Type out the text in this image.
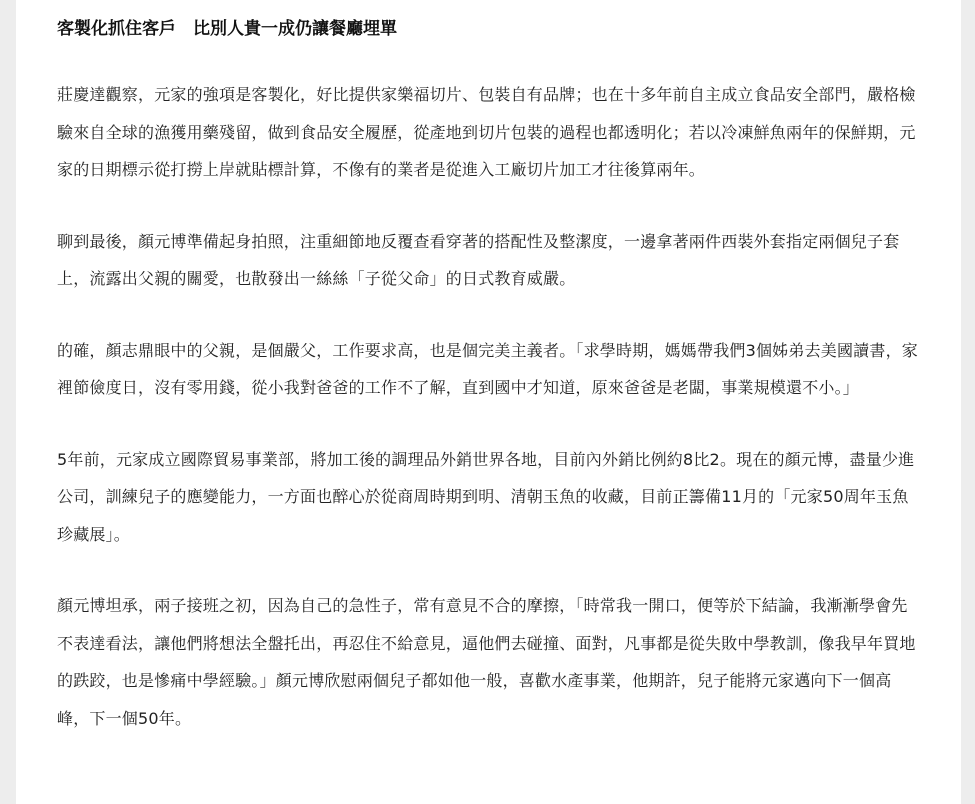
客製化抓住客戶　比別人貴一成仍讓餐廳埋單

莊慶達觀察，元家的強項是客製化，好比提供家樂福切片、包裝自有品牌；也在十多年前自主成立食品安全部門，嚴格檢驗來自全球的漁獲用藥殘留，做到食品安全履歷，從產地到切片包裝的過程也都透明化；若以冷凍鮮魚兩年的保鮮期，元家的日期標示從打撈上岸就貼標計算，不像有的業者是從進入工廠切片加工才往後算兩年。

聊到最後，顏元博準備起身拍照，注重細節地反覆查看穿著的搭配性及整潔度，一邊拿著兩件西裝外套指定兩個兒子套上，流露出父親的關愛，也散發出一絲絲「子從父命」的日式教育威嚴。

的確，顏志鼎眼中的父親，是個嚴父，工作要求高，也是個完美主義者。「求學時期，媽媽帶我們3個姊弟去美國讀書，家裡節儉度日，沒有零用錢，從小我對爸爸的工作不了解，直到國中才知道，原來爸爸是老闆，事業規模還不小。」

5年前，元家成立國際貿易事業部，將加工後的調理品外銷世界各地，目前內外銷比例約8比2。現在的顏元博，盡量少進公司，訓練兒子的應變能力，一方面也醉心於從商周時期到明、清朝玉魚的收藏，目前正籌備11月的「元家50周年玉魚珍藏展」。

顏元博坦承，兩子接班之初，因為自己的急性子，常有意見不合的摩擦，「時常我一開口，便等於下結論，我漸漸學會先不表達看法，讓他們將想法全盤托出，再忍住不給意見，逼他們去碰撞、面對，凡事都是從失敗中學教訓，像我早年買地的跌跤，也是慘痛中學經驗。」顏元博欣慰兩個兒子都如他一般，喜歡水產事業，他期許，兒子能將元家邁向下一個高峰，下一個50年。
